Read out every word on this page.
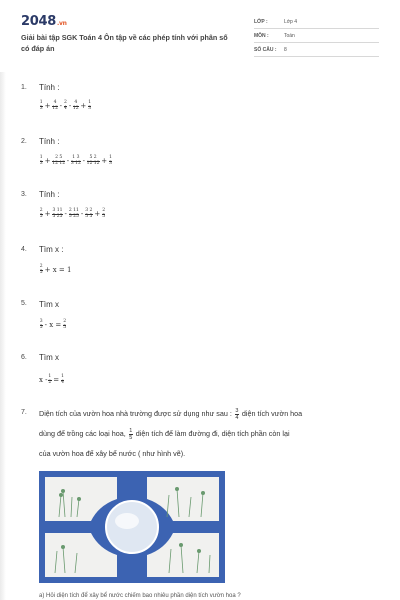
2048.vn
Giải bài tập SGK Toán 4 Ôn tập về các phép tính với phân số có đáp án
LỚP :	Lớp 4
MÔN :	Toán
SỐ CÂU : 8
1. Tính :
$\frac{1}{3} + \frac{4}{12} - \frac{2}{4} - \frac{4}{12} + \frac{1}{3}$
2. Tính :
$\frac{1}{3} + \frac{2 5}{12 12} - \frac{1 3}{3 12} - \frac{5 2}{12 12} + \frac{1}{3}$
3. Tính :
$\frac{2}{5} + \frac{3 11}{5 25} - \frac{2 11}{5 25} - \frac{3 2}{5 5} + \frac{2}{5}$
4. Tìm x :
$\frac{2}{5} + x = 1$
5. Tìm x
$\frac{3}{5} - x = \frac{2}{5}$
6. Tìm x
$x - \frac{1}{2} = \frac{1}{4}$
7. Diện tích của vườn hoa nhà trường được sử dụng như sau : $\frac{3}{4}$ diện tích vườn hoa
dùng để trồng các loại hoa, $\frac{1}{5}$ diện tích để làm đường đi, diện tích phần còn lại
của vườn hoa để xây bể nước ( như hình vẽ).
a) Hỏi diện tích để xây bể nước chiếm bao nhiêu phần diện tích vườn hoa ?
